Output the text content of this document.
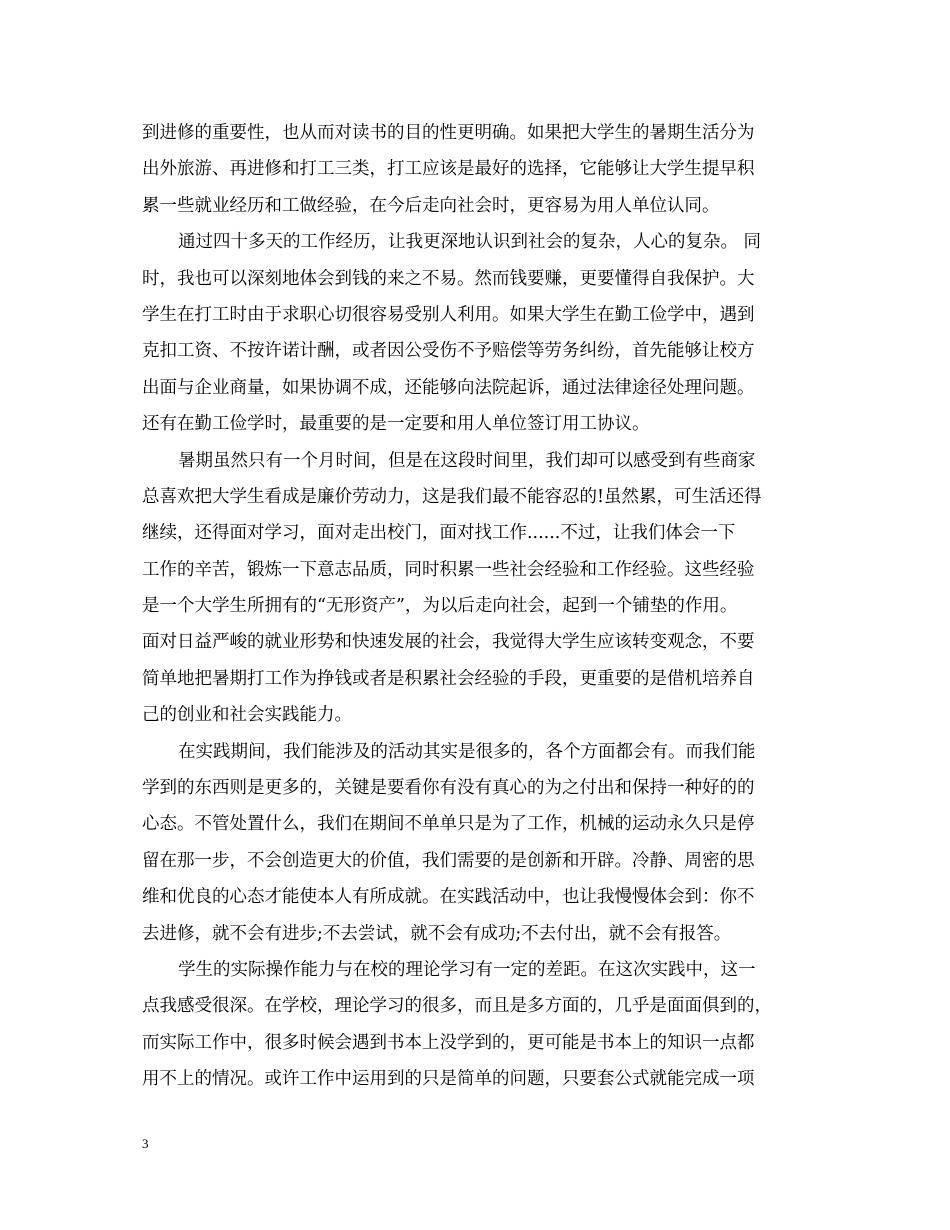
到进修的重要性，也从而对读书的目的性更明确。如果把大学生的暑期生活分为
出外旅游、再进修和打工三类，打工应该是最好的选择，它能够让大学生提早积
累一些就业经历和工做经验，在今后走向社会时，更容易为用人单位认同。
通过四十多天的工作经历，让我更深地认识到社会的复杂，人心的复杂。 同
时，我也可以深刻地体会到钱的来之不易。然而钱要赚，更要懂得自我保护。大
学生在打工时由于求职心切很容易受别人利用。如果大学生在勤工俭学中，遇到
克扣工资、不按许诺计酬，或者因公受伤不予赔偿等劳务纠纷，首先能够让校方
出面与企业商量，如果协调不成，还能够向法院起诉，通过法律途径处理问题。
还有在勤工俭学时，最重要的是一定要和用人单位签订用工协议。
暑期虽然只有一个月时间，但是在这段时间里，我们却可以感受到有些商家
总喜欢把大学生看成是廉价劳动力，这是我们最不能容忍的!虽然累，可生活还得
继续，还得面对学习，面对走出校门，面对找工作......不过，让我们体会一下
工作的辛苦，锻炼一下意志品质，同时积累一些社会经验和工作经验。这些经验
是一个大学生所拥有的“无形资产”，为以后走向社会，起到一个铺垫的作用。
面对日益严峻的就业形势和快速发展的社会，我觉得大学生应该转变观念，不要
简单地把暑期打工作为挣钱或者是积累社会经验的手段，更重要的是借机培养自
己的创业和社会实践能力。
在实践期间，我们能涉及的活动其实是很多的，各个方面都会有。而我们能
学到的东西则是更多的，关键是要看你有没有真心的为之付出和保持一种好的的
心态。不管处置什么，我们在期间不单单只是为了工作，机械的运动永久只是停
留在那一步，不会创造更大的价值，我们需要的是创新和开辟。冷静、周密的思
维和优良的心态才能使本人有所成就。在实践活动中，也让我慢慢体会到：你不
去进修，就不会有进步;不去尝试，就不会有成功;不去付出，就不会有报答。
学生的实际操作能力与在校的理论学习有一定的差距。在这次实践中，这一
点我感受很深。在学校，理论学习的很多，而且是多方面的，几乎是面面俱到的，
而实际工作中，很多时候会遇到书本上没学到的，更可能是书本上的知识一点都
用不上的情况。或许工作中运用到的只是简单的问题，只要套公式就能完成一项
3
